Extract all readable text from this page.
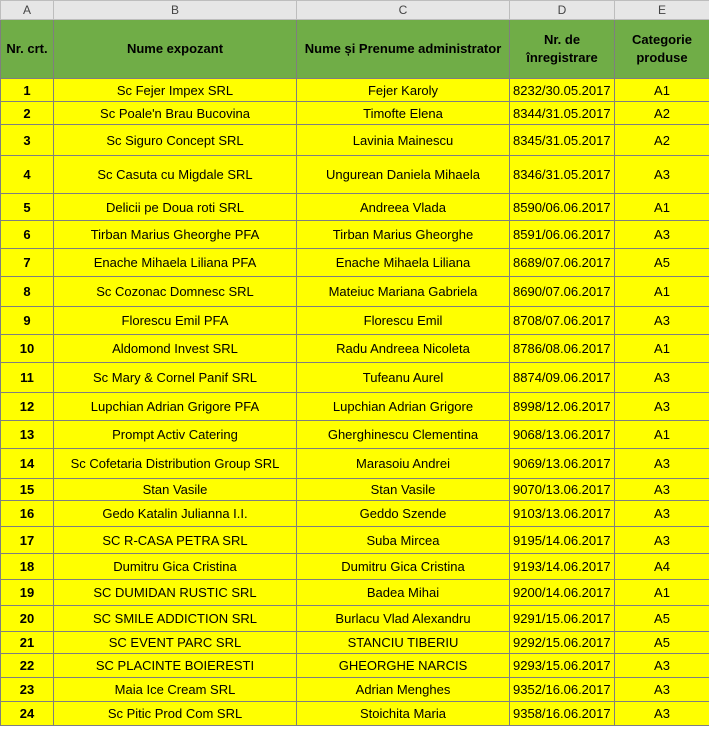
A	B	C	D	E
Nr. crt.	Nume expozant	Nume și Prenume administrator	Nr. de înregistrare	Categorie produse
1	Sc Fejer Impex SRL	Fejer Karoly	8232/30.05.2017	A1
2	Sc Poale'n Brau Bucovina	Timofte Elena	8344/31.05.2017	A2
3	Sc Siguro Concept SRL	Lavinia Mainescu	8345/31.05.2017	A2
4	Sc Casuta cu Migdale SRL	Ungurean Daniela Mihaela	8346/31.05.2017	A3
5	Delicii pe Doua roti SRL	Andreea Vlada	8590/06.06.2017	A1
6	Tirban Marius Gheorghe PFA	Tirban Marius Gheorghe	8591/06.06.2017	A3
7	Enache Mihaela Liliana PFA	Enache Mihaela Liliana	8689/07.06.2017	A5
8	Sc Cozonac Domnesc SRL	Mateiuc Mariana Gabriela	8690/07.06.2017	A1
9	Florescu Emil PFA	Florescu Emil	8708/07.06.2017	A3
10	Aldomond Invest SRL	Radu Andreea Nicoleta	8786/08.06.2017	A1
11	Sc Mary & Cornel Panif SRL	Tufeanu Aurel	8874/09.06.2017	A3
12	Lupchian Adrian Grigore PFA	Lupchian Adrian Grigore	8998/12.06.2017	A3
13	Prompt Activ Catering	Gherghinescu Clementina	9068/13.06.2017	A1
14	Sc Cofetaria Distribution Group SRL	Marasoiu Andrei	9069/13.06.2017	A3
15	Stan Vasile	Stan Vasile	9070/13.06.2017	A3
16	Gedo Katalin Julianna I.I.	Geddo Szende	9103/13.06.2017	A3
17	SC R-CASA PETRA SRL	Suba Mircea	9195/14.06.2017	A3
18	Dumitru Gica Cristina	Dumitru Gica Cristina	9193/14.06.2017	A4
19	SC DUMIDAN RUSTIC SRL	Badea Mihai	9200/14.06.2017	A1
20	SC SMILE ADDICTION SRL	Burlacu Vlad Alexandru	9291/15.06.2017	A5
21	SC EVENT PARC SRL	STANCIU TIBERIU	9292/15.06.2017	A5
22	SC PLACINTE BOIERESTI	GHEORGHE NARCIS	9293/15.06.2017	A3
23	Maia Ice Cream SRL	Adrian Menghes	9352/16.06.2017	A3
24	Sc Pitic Prod Com SRL	Stoichita Maria	9358/16.06.2017	A3
